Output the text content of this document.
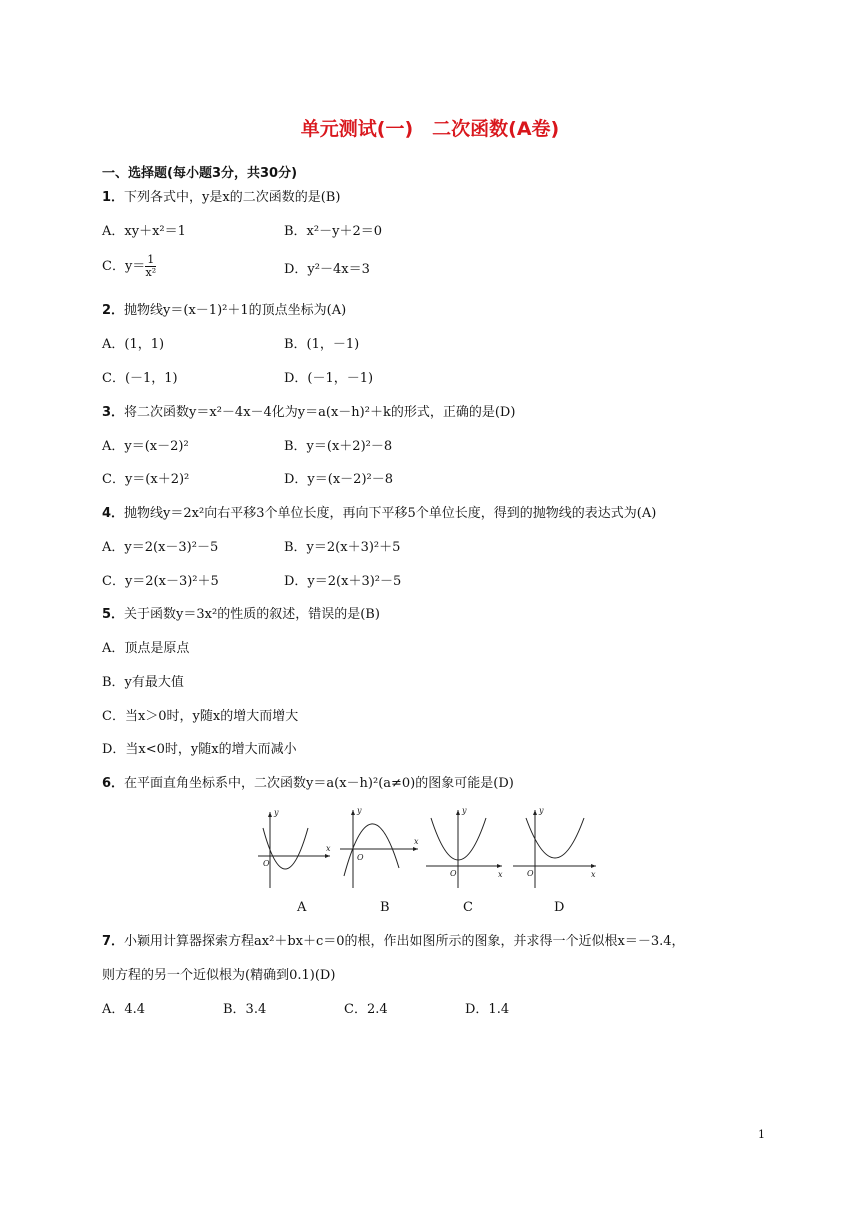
单元测试(一)　二次函数(A卷)
一、选择题(每小题3分，共30分)
1．下列各式中，y是x的二次函数的是(B)
A．xy＋x²＝1	B．x²－y＋2＝0
C．$y= \frac{1}{\text{x²}}$	D．y²－4x＝3
2．抛物线y＝(x－1)²＋1的顶点坐标为(A)
A．(1，1)	B．(1，－1)
C．(－1，1)	D．(－1，－1)
3．将二次函数y＝x²－4x－4化为y＝a(x－h)²＋k的形式，正确的是(D)
A．y＝(x－2)²	B．y＝(x＋2)²－8
C．y＝(x＋2)²	D．y＝(x－2)²－8
4．抛物线y＝2x²向右平移3个单位长度，再向下平移5个单位长度，得到的抛物线的表达式为(A)
A．y＝2(x－3)²－5	B．y＝2(x＋3)²＋5
C．y＝2(x－3)²＋5	D．y＝2(x＋3)²－5
5．关于函数y＝3x²的性质的叙述，错误的是(B)
A．顶点是原点
B．y有最大值
C．当x＞0时，y随x的增大而增大
D．当x<0时，y随x的增大而减小
6．在平面直角坐标系中，二次函数y＝a(x－h)²(a≠0)的图象可能是(D)
y
x
O
y
x
O
y
x
O
y
x
O
A	B	C	D
7．小颖用计算器探索方程ax²＋bx＋c＝0的根，作出如图所示的图象，并求得一个近似根x＝－3.4，
则方程的另一个近似根为(精确到0.1)(D)
A．4.4	B．3.4	C．2.4	D．1.4
1
